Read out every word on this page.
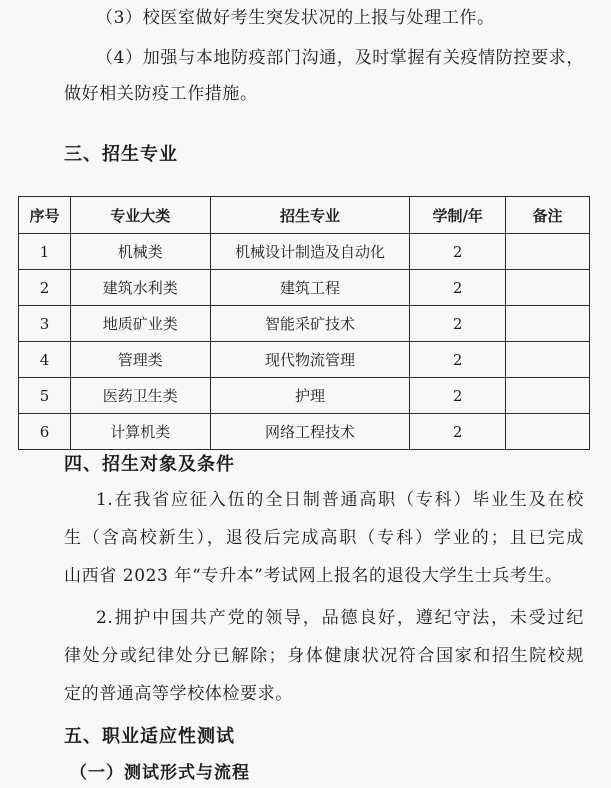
（3）校医室做好考生突发状况的上报与处理工作。

（4）加强与本地防疫部门沟通，及时掌握有关疫情防控要求，

做好相关防疫工作措施。

三、招生专业
序号	专业大类	招生专业	学制/年	备注
1	机械类	机械设计制造及自动化	2	
2	建筑水利类	建筑工程	2	
3	地质矿业类	智能采矿技术	2	
4	管理类	现代物流管理	2	
5	医药卫生类	护理	2	
6	计算机类	网络工程技术	2	
四、招生对象及条件

1.在我省应征入伍的全日制普通高职（专科）毕业生及在校

生（含高校新生），退役后完成高职（专科）学业的；且已完成

山西省 2023 年“专升本”考试网上报名的退役大学生士兵考生。

2.拥护中国共产党的领导，品德良好，遵纪守法，未受过纪

律处分或纪律处分已解除；身体健康状况符合国家和招生院校规

定的普通高等学校体检要求。

五、职业适应性测试
（一）测试形式与流程
